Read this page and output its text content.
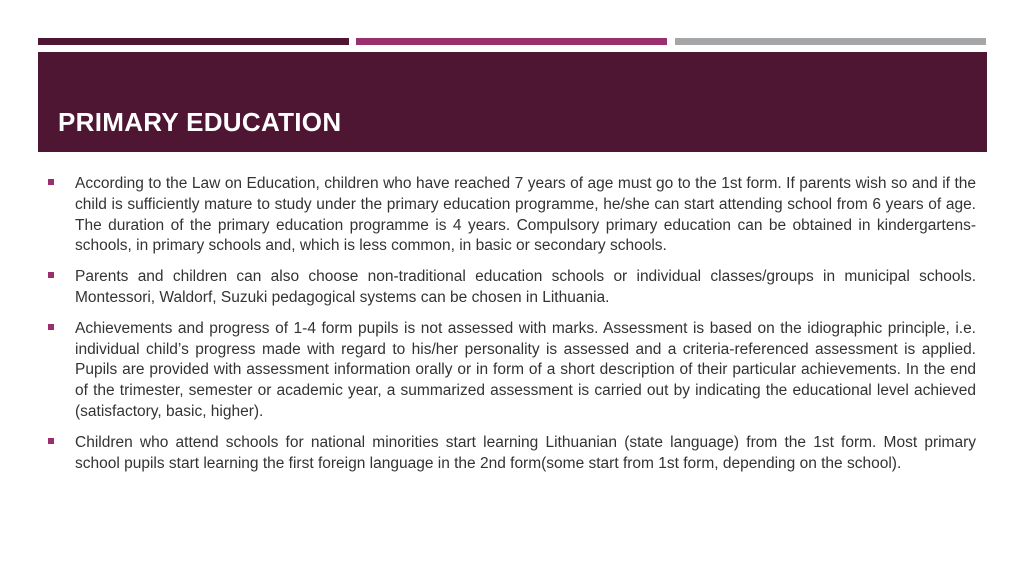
PRIMARY EDUCATION
According to the Law on Education, children who have reached 7 years of age must go to the 1st form. If parents wish so and if the child is sufficiently mature to study under the primary education programme, he/she can start attending school from 6 years of age. The duration of the primary education programme is 4 years. Compulsory primary education can be obtained in kindergartens-schools, in primary schools and, which is less common, in basic or secondary schools.
Parents and children can also choose non-traditional education schools or individual classes/groups in municipal schools. Montessori, Waldorf, Suzuki pedagogical systems can be chosen in Lithuania.
Achievements and progress of 1-4 form pupils is not assessed with marks. Assessment is based on the idiographic principle, i.e. individual child’s progress made with regard to his/her personality is assessed and a criteria-referenced assessment is applied. Pupils are provided with assessment information orally or in form of a short description of their particular achievements. In the end of the trimester, semester or academic year, a summarized assessment is carried out by indicating the educational level achieved (satisfactory, basic, higher).
Children who attend schools for national minorities start learning Lithuanian (state language) from the 1st form. Most primary school pupils start learning the first foreign language in the 2nd form(some start from 1st form, depending on the school).
